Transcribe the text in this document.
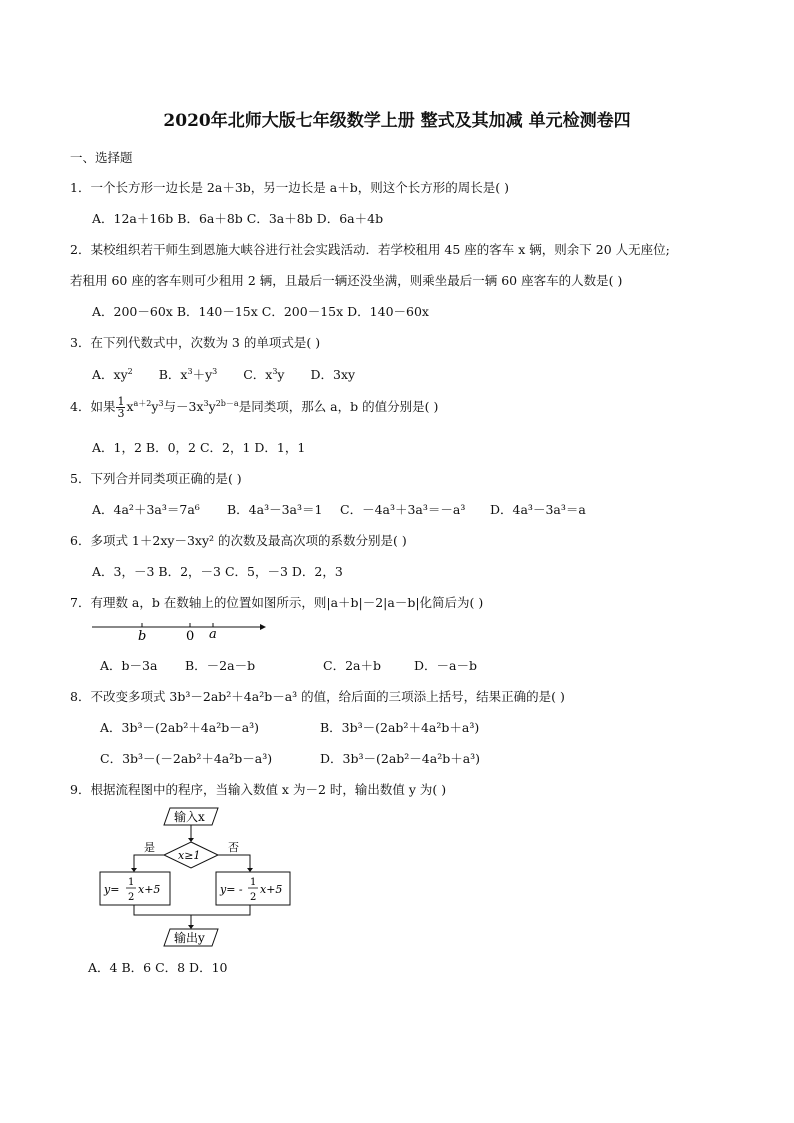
2020年北师大版七年级数学上册 整式及其加减 单元检测卷四
一、选择题
1．一个长方形一边长是 2a＋3b，另一边长是 a＋b，则这个长方形的周长是( )
A．12a＋16b B．6a＋8b C．3a＋8b D．6a＋4b
2．某校组织若干师生到恩施大峡谷进行社会实践活动．若学校租用 45 座的客车 x 辆，则余下 20 人无座位;
若租用 60 座的客车则可少租用 2 辆，且最后一辆还没坐满，则乘坐最后一辆 60 座客车的人数是( )
A．200－60x B．140－15x C．200－15x D．140－60x
3．在下列代数式中，次数为 3 的单项式是( )
A．$xy^2$ B．$x^3+y^3$ C．$x^3y$ D．3xy
4．如果 $\frac{1}{3} x^{a+2}y^3$与$-3x^3y^{2b-a}$是同类项，那么 a，b 的值分别是( )
A．1，2 B．0，2 C．2，1 D．1，1
5．下列合并同类项正确的是( )
A．4a²＋3a³＝7a⁶ B．4a³－3a³＝1 C．－4a³＋3a³＝－a³ D．4a³－3a³＝a
6．多项式 1＋2xy－3xy² 的次数及最高次项的系数分别是( )
A．3，－3 B．2，－3 C．5，－3 D．2，3
7．有理数 a，b 在数轴上的位置如图所示，则|a＋b|－2|a－b|化简后为( )
b	0 a
A．b－3a B．－2a－b	C．2a＋b	D．－a－b
8．不改变多项式 3b³－2ab²＋4a²b－a³ 的值，给后面的三项添上括号，结果正确的是( )
A．3b³－(2ab²＋4a²b－a³)	B．3b³－(2ab²＋4a²b＋a³)
C．3b³－(－2ab²＋4a²b－a³)	D．3b³－(2ab²－4a²b＋a³)
9．根据流程图中的程序，当输入数值 x 为－2 时，输出数值 y 为( )
输入x
x≥1
是	否
y=
1
2
x+5	y= -
1
2
x+5
输出y
A．4 B．6 C．8 D．10
